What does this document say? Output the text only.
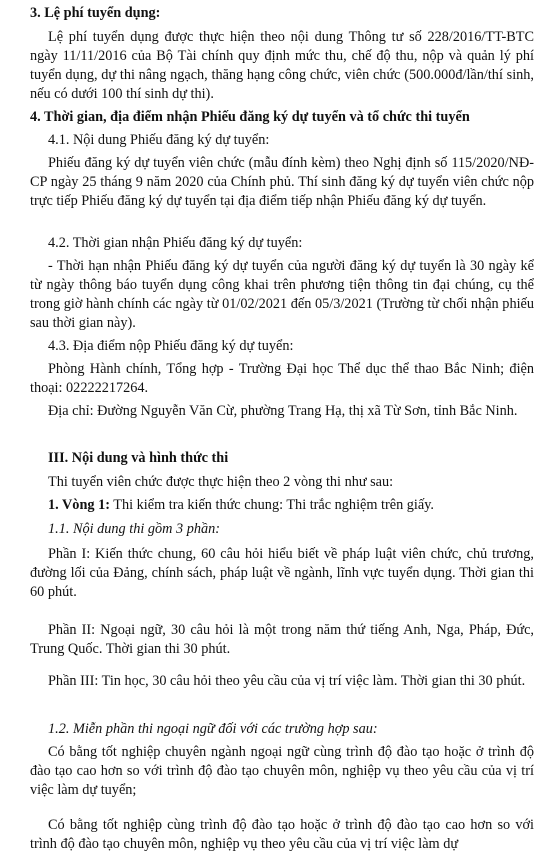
3. Lệ phí tuyển dụng:

Lệ phí tuyển dụng được thực hiện theo nội dung Thông tư số 228/2016/TT-BTC ngày 11/11/2016 của Bộ Tài chính quy định mức thu, chế độ thu, nộp và quản lý phí tuyển dụng, dự thi nâng ngạch, thăng hạng công chức, viên chức (500.000đ/lần/thí sinh, nếu có dưới 100 thí sinh dự thi).

4. Thời gian, địa điểm nhận Phiếu đăng ký dự tuyển và tổ chức thi tuyển

4.1. Nội dung Phiếu đăng ký dự tuyển:

Phiếu đăng ký dự tuyển viên chức (mẫu đính kèm) theo Nghị định số 115/2020/NĐ-CP ngày 25 tháng 9 năm 2020 của Chính phủ. Thí sinh đăng ký dự tuyển viên chức nộp trực tiếp Phiếu đăng ký dự tuyển tại địa điểm tiếp nhận Phiếu đăng ký dự tuyển.

4.2. Thời gian nhận Phiếu đăng ký dự tuyển:

- Thời hạn nhận Phiếu đăng ký dự tuyển của người đăng ký dự tuyển là 30 ngày kể từ ngày thông báo tuyển dụng công khai trên phương tiện thông tin đại chúng, cụ thể trong giờ hành chính các ngày từ 01/02/2021 đến 05/3/2021 (Trường từ chối nhận phiếu sau thời gian này).

4.3. Địa điểm nộp Phiếu đăng ký dự tuyển:

Phòng Hành chính, Tổng hợp - Trường Đại học Thể dục thể thao Bắc Ninh; điện thoại: 02222217264.

Địa chỉ: Đường Nguyễn Văn Cừ, phường Trang Hạ, thị xã Từ Sơn, tỉnh Bắc Ninh.

III. Nội dung và hình thức thi

Thi tuyển viên chức được thực hiện theo 2 vòng thi như sau:

1. Vòng 1: Thi kiểm tra kiến thức chung: Thi trắc nghiệm trên giấy.

1.1. Nội dung thi gồm 3 phần:

Phần I: Kiến thức chung, 60 câu hỏi hiểu biết về pháp luật viên chức, chủ trương, đường lối của Đảng, chính sách, pháp luật về ngành, lĩnh vực tuyển dụng. Thời gian thi 60 phút.

Phần II: Ngoại ngữ, 30 câu hỏi là một trong năm thứ tiếng Anh, Nga, Pháp, Đức, Trung Quốc. Thời gian thi 30 phút.

Phần III: Tin học, 30 câu hỏi theo yêu cầu của vị trí việc làm. Thời gian thi 30 phút.

1.2. Miễn phần thi ngoại ngữ đối với các trường hợp sau:

Có bằng tốt nghiệp chuyên ngành ngoại ngữ cùng trình độ đào tạo hoặc ở trình độ đào tạo cao hơn so với trình độ đào tạo chuyên môn, nghiệp vụ theo yêu cầu của vị trí việc làm dự tuyển;

Có bằng tốt nghiệp cùng trình độ đào tạo hoặc ở trình độ đào tạo cao hơn so với trình độ đào tạo chuyên môn, nghiệp vụ theo yêu cầu của vị trí việc làm dự
